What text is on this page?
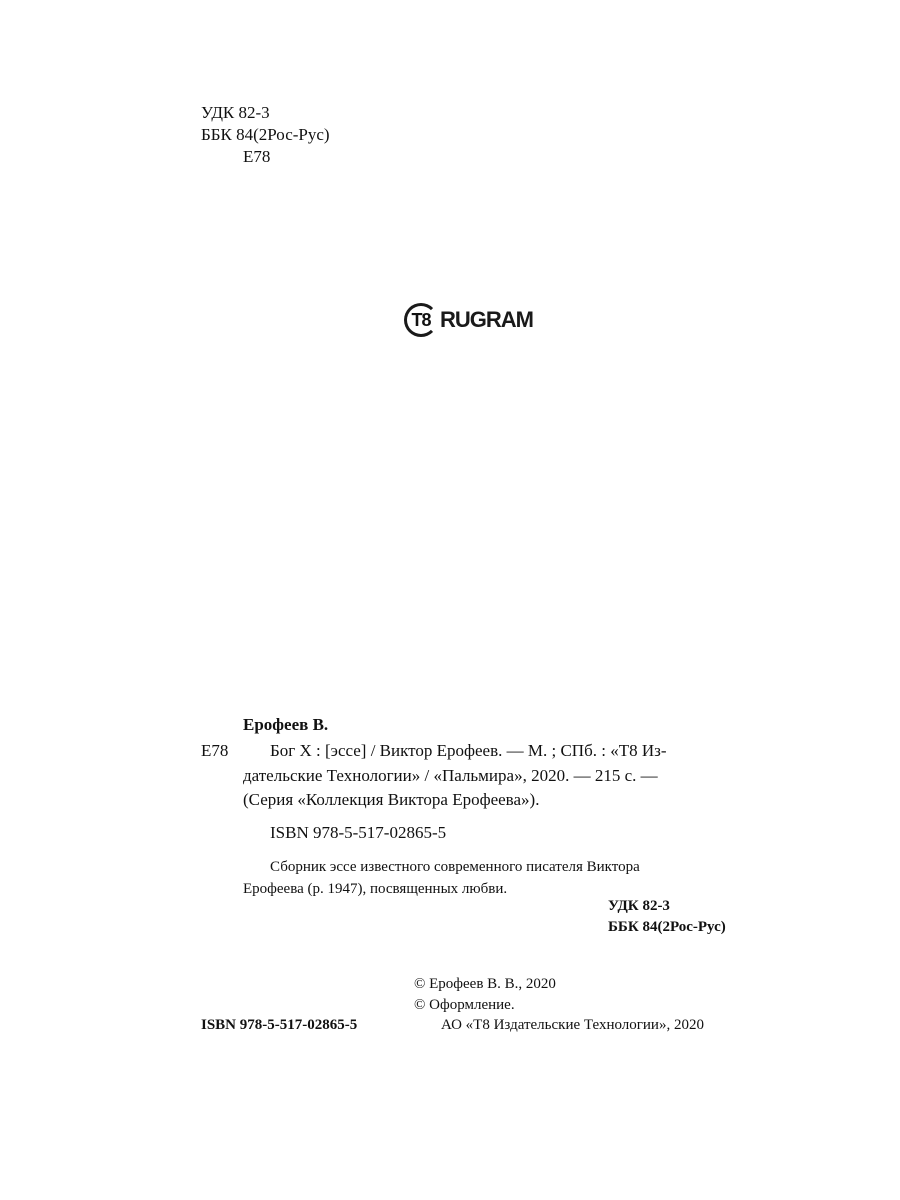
УДК 82-3
ББК 84(2Рос-Рус)
Е78
T8 RUGRAM
Ерофеев В.
Е78 Бог Х : [эссе] / Виктор Ерофеев. — М. ; СПб. : «Т8 Из-
дательские Технологии» / «Пальмира», 2020. — 215 с. —
(Серия «Коллекция Виктора Ерофеева»).
ISBN 978-5-517-02865-5
Сборник эссе известного современного писателя Виктора
Ерофеева (р. 1947), посвященных любви.
УДК 82-3
ББК 84(2Рос-Рус)
ISBN 978-5-517-02865-5
© Ерофеев В. В., 2020
© Оформление.
АО «Т8 Издательские Технологии», 2020
